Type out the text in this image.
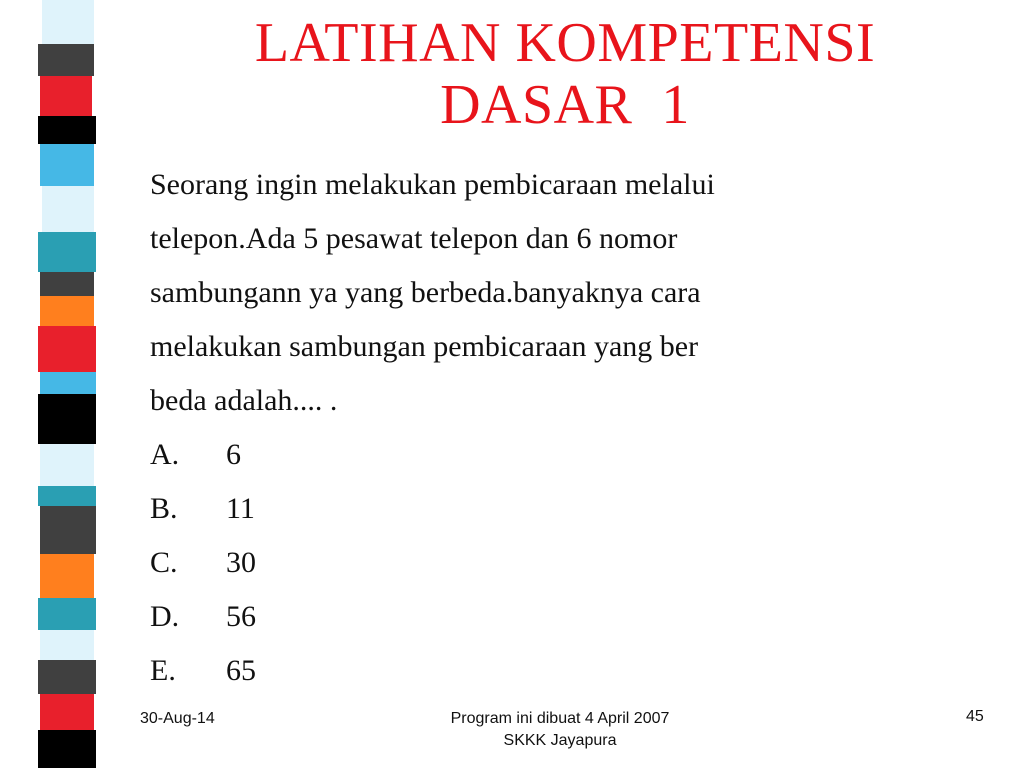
LATIHAN KOMPETENSI
DASAR  1
Seorang ingin melakukan pembicaraan melalui
telepon.Ada 5 pesawat telepon dan 6 nomor
sambungann ya yang berbeda.banyaknya cara
melakukan sambungan pembicaraan yang ber
beda adalah.... .
A.	6
B.	11
C.	30
D.	56
E.	65
30-Aug-14	Program ini dibuat 4 April 2007
SKKK Jayapura
45
